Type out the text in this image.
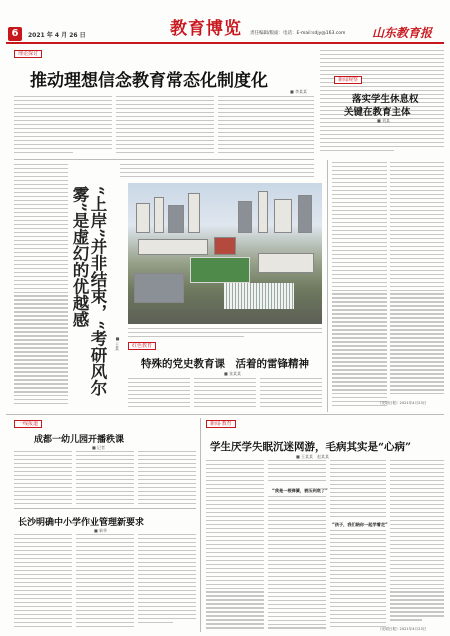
6	2021 年 4 月 26 日	教育博览 责任编辑/版面：电话：E-mail:sdjy@163.com 山东教育报
理论探讨
推动理想信念教育常态化制度化
■ 李某某
“上岸”并非结束，“考研风尔雾”是虚幻的优越感
■ 王某	红色教育
特殊的党史教育课　活着的雷锋精神
■ 张某某
新闻观察
落实学生休息权
关键在教育主体
■ 刘某
《光明日报》2021年4月23日
一线报道
成都一幼儿园开播秩课
■ 记者
长沙明确中小学作业管理新要求
■ 新华
新闻·教育
学生厌学失眠沉迷网游，毛病其实是“心病”
■ 王某某　赵某某
“我是一根弹簧，被压到底了”
“孩子，我们陪你一起学着走”
《光明日报》2021年4月23日
